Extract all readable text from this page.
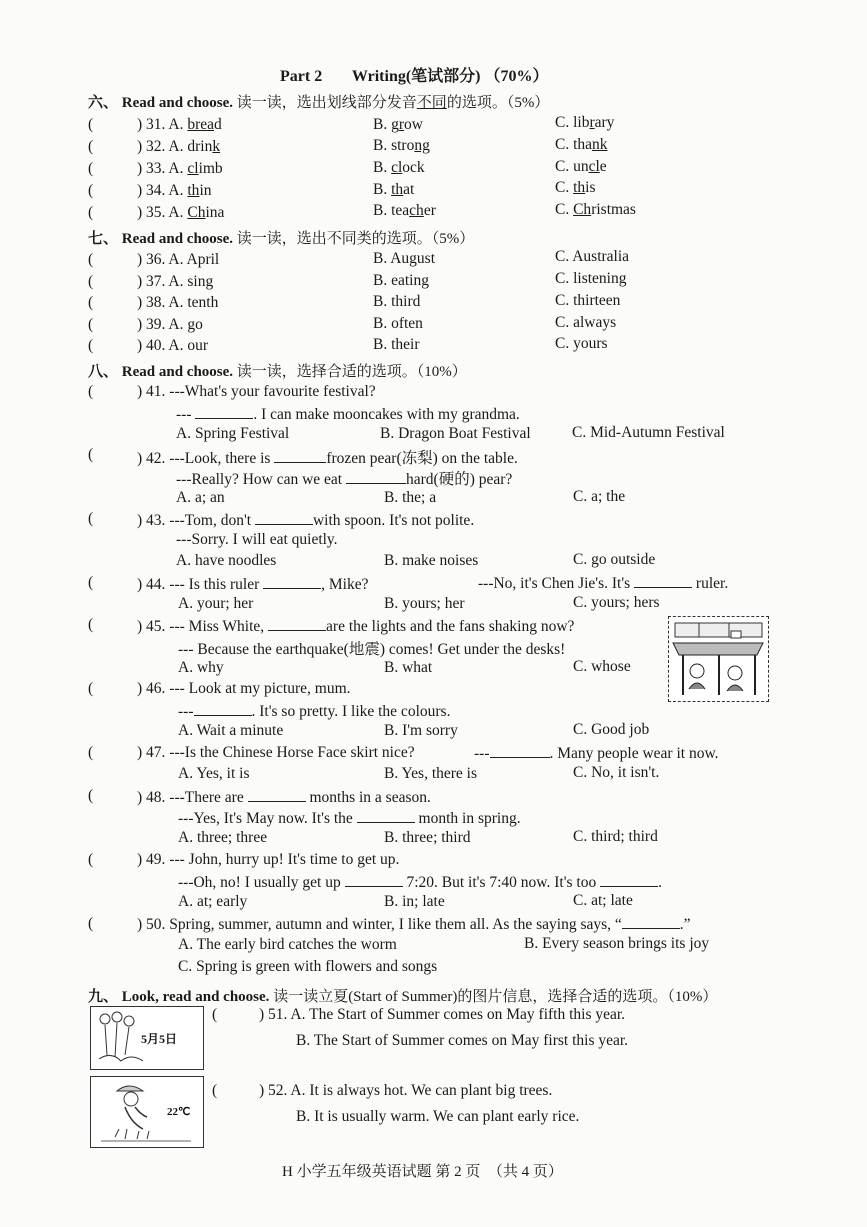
Part 2 Writing(笔试部分) （70%）
六、 Read and choose. 读一读，选出划线部分发音不同的选项。（5%）
(	) 31. A. bread	B. grow	C. library
(	) 32. A. drink	B. strong	C. thank
(	) 33. A. climb	B. clock	C. uncle
(	) 34. A. thin	B. that	C. this
(	) 35. A. China	B. teacher	C. Christmas
七、 Read and choose. 读一读，选出不同类的选项。（5%）
(	) 36. A. April	B. August	C. Australia
(	) 37. A. sing	B. eating	C. listening
(	) 38. A. tenth	B. third	C. thirteen
(	) 39. A. go	B. often	C. always
(	) 40. A. our	B. their	C. yours
八、 Read and choose. 读一读，选择合适的选项。（10%）
(	) 41. ---What's your favourite festival?
---	. I can make mooncakes with my grandma.
A. Spring Festival	B. Dragon Boat Festival	C. Mid-Autumn Festival
(	) 42. ---Look, there is	frozen pear(冻梨) on the table.
---Really? How can we eat	hard(硬的) pear?
A. a; an	B. the; a	C. a; the
(	) 43. ---Tom, don't	with spoon. It's not polite.
---Sorry. I will eat quietly.
A. have noodles	B. make noises	C. go outside
(	) 44. --- Is this ruler	, Mike?	---No, it's Chen Jie's. It's	ruler.
A. your; her	B. yours; her	C. yours; hers
(	) 45. --- Miss White,	are the lights and the fans shaking now?
--- Because the earthquake(地震) comes! Get under the desks!
A. why	B. what	C. whose
(	) 46. --- Look at my picture, mum.
---	. It's so pretty. I like the colours.
A. Wait a minute	B. I'm sorry	C. Good job
(	) 47. ---Is the Chinese Horse Face skirt nice?	---	. Many people wear it now.
A. Yes, it is	B. Yes, there is	C. No, it isn't.
(	) 48. ---There are	months in a season.
---Yes, It's May now. It's the	month in spring.
A. three; three	B. three; third	C. third; third
(	) 49. --- John, hurry up! It's time to get up.
---Oh, no! I usually get up	7:20. But it's 7:40 now. It's too	.
A. at; early	B. in; late	C. at; late
(	) 50. Spring, summer, autumn and winter, I like them all. As the saying says, “	.”
A. The early bird catches the worm	B. Every season brings its joy
C. Spring is green with flowers and songs
九、 Look, read and choose. 读一读立夏(Start of Summer)的图片信息，选择合适的选项。（10%）
5月5日
(	) 51. A. The Start of Summer comes on May fifth this year.
B. The Start of Summer comes on May first this year.
22℃
(	) 52. A. It is always hot. We can plant big trees.
B. It is usually warm. We can plant early rice.
H 小学五年级英语试题 第 2 页　（共 4 页）
